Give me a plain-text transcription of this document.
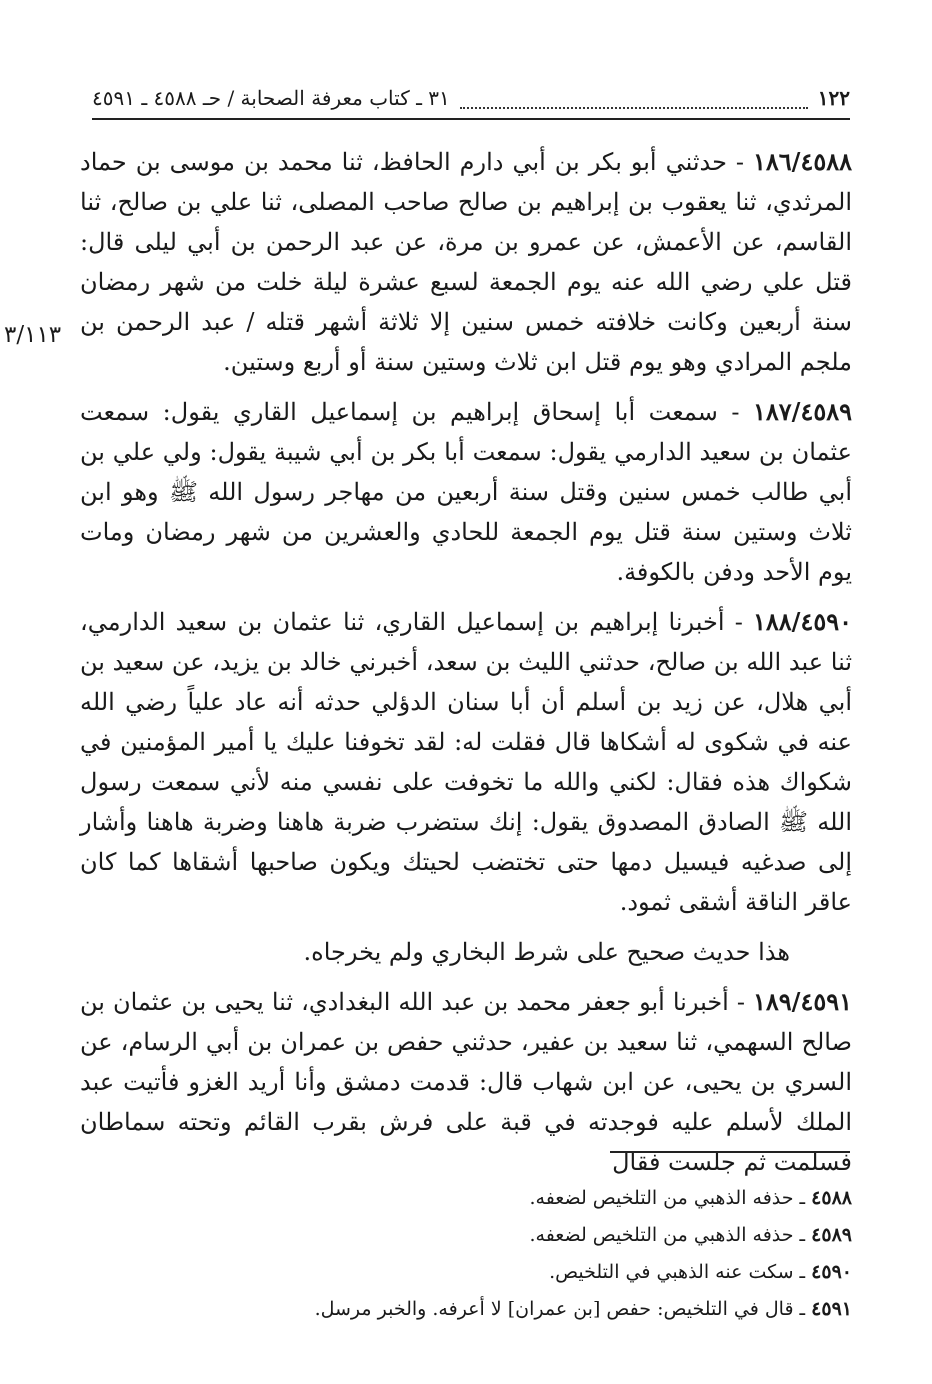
١٢٢
٣١ ـ كتاب معرفة الصحابة / حـ ٤٥٨٨ ـ ٤٥٩١
٣/١١٣

١٨٦/٤٥٨٨ - حدثني أبو بكر بن أبي دارم الحافظ، ثنا محمد بن موسى بن حماد المرثدي، ثنا يعقوب بن إبراهيم بن صالح صاحب المصلى، ثنا علي بن صالح، ثنا القاسم، عن الأعمش، عن عمرو بن مرة، عن عبد الرحمن بن أبي ليلى قال: قتل علي رضي الله عنه يوم الجمعة لسبع عشرة ليلة خلت من شهر رمضان سنة أربعين وكانت خلافته خمس سنين إلا ثلاثة أشهر قتله / عبد الرحمن بن ملجم المرادي وهو يوم قتل ابن ثلاث وستين سنة أو أربع وستين.

١٨٧/٤٥٨٩ - سمعت أبا إسحاق إبراهيم بن إسماعيل القاري يقول: سمعت عثمان بن سعيد الدارمي يقول: سمعت أبا بكر بن أبي شيبة يقول: ولي علي بن أبي طالب خمس سنين وقتل سنة أربعين من مهاجر رسول الله ﷺ وهو ابن ثلاث وستين سنة قتل يوم الجمعة للحادي والعشرين من شهر رمضان ومات يوم الأحد ودفن بالكوفة.

١٨٨/٤٥٩٠ - أخبرنا إبراهيم بن إسماعيل القاري، ثنا عثمان بن سعيد الدارمي، ثنا عبد الله بن صالح، حدثني الليث بن سعد، أخبرني خالد بن يزيد، عن سعيد بن أبي هلال، عن زيد بن أسلم أن أبا سنان الدؤلي حدثه أنه عاد علياً رضي الله عنه في شكوى له أشكاها قال فقلت له: لقد تخوفنا عليك يا أمير المؤمنين في شكواك هذه فقال: لكني والله ما تخوفت على نفسي منه لأني سمعت رسول الله ﷺ الصادق المصدوق يقول: إنك ستضرب ضربة هاهنا وضربة هاهنا وأشار إلى صدغيه فيسيل دمها حتى تختضب لحيتك ويكون صاحبها أشقاها كما كان عاقر الناقة أشقى ثمود.

هذا حديث صحيح على شرط البخاري ولم يخرجاه.

١٨٩/٤٥٩١ - أخبرنا أبو جعفر محمد بن عبد الله البغدادي، ثنا يحيى بن عثمان بن صالح السهمي، ثنا سعيد بن عفير، حدثني حفص بن عمران بن أبي الرسام، عن السري بن يحيى، عن ابن شهاب قال: قدمت دمشق وأنا أريد الغزو فأتيت عبد الملك لأسلم عليه فوجدته في قبة على فرش بقرب القائم وتحته سماطان فسلمت ثم جلست فقال

٤٥٨٨ ـ حذفه الذهبي من التلخيص لضعفه.
٤٥٨٩ ـ حذفه الذهبي من التلخيص لضعفه.
٤٥٩٠ ـ سكت عنه الذهبي في التلخيص.
٤٥٩١ ـ قال في التلخيص: حفص [بن عمران] لا أعرفه. والخبر مرسل.
